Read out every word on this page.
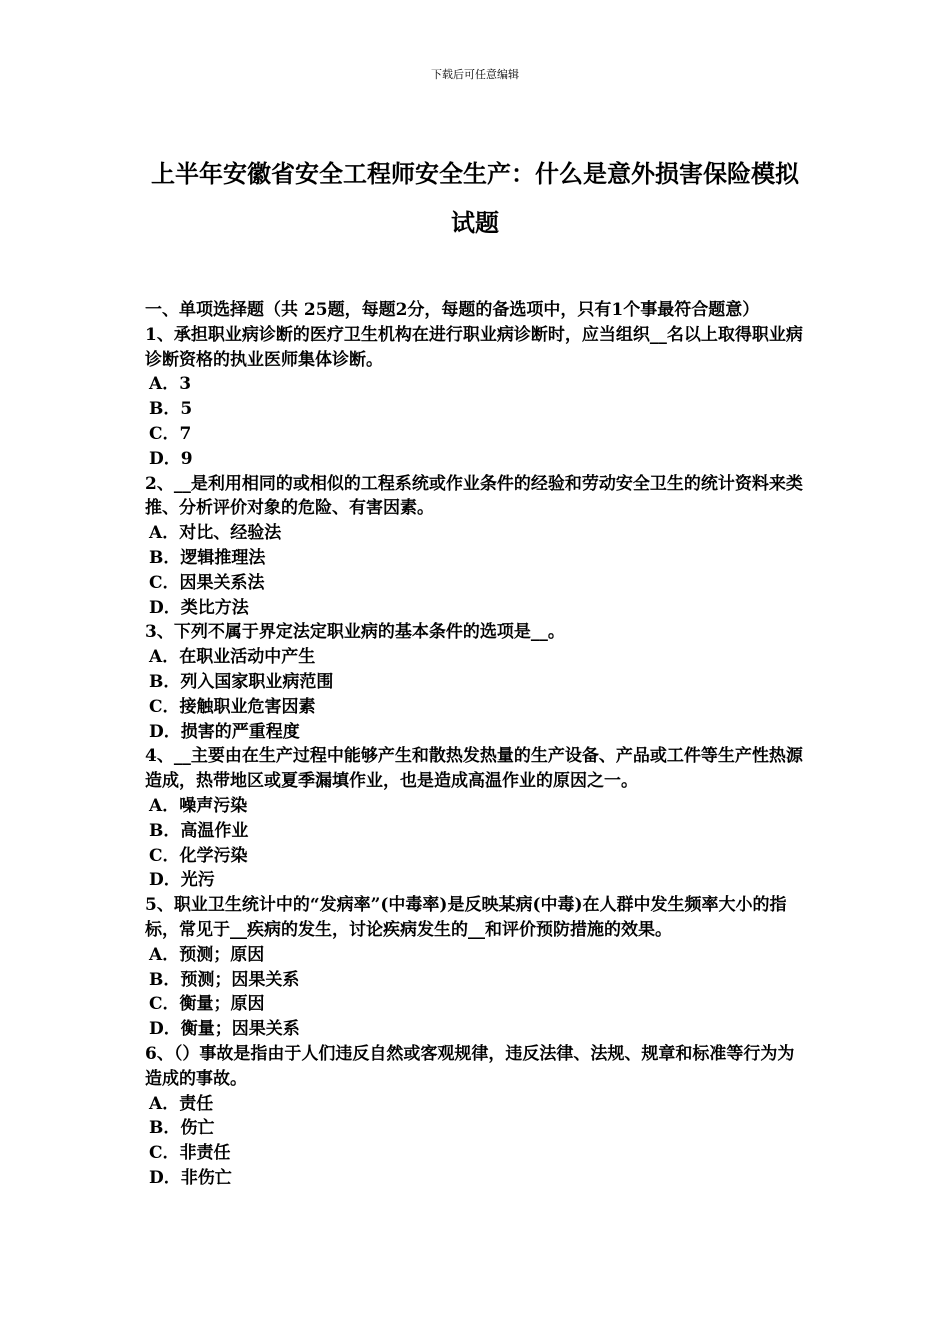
下载后可任意编辑
上半年安徽省安全工程师安全生产：什么是意外损害保险模拟试题

一、单项选择题（共 25题，每题2分，每题的备选项中，只有1个事最符合题意）

1、承担职业病诊断的医疗卫生机构在进行职业病诊断时，应当组织__名以上取得职业病诊断资格的执业医师集体诊断。

A．3

B．5

C．7

D．9

2、__是利用相同的或相似的工程系统或作业条件的经验和劳动安全卫生的统计资料来类推、分析评价对象的危险、有害因素。

A．对比、经验法

B．逻辑推理法

C．因果关系法

D．类比方法

3、下列不属于界定法定职业病的基本条件的选项是__。

A．在职业活动中产生

B．列入国家职业病范围

C．接触职业危害因素

D．损害的严重程度

4、__主要由在生产过程中能够产生和散热发热量的生产设备、产品或工件等生产性热源造成，热带地区或夏季漏填作业，也是造成高温作业的原因之一。

A．噪声污染

B．高温作业

C．化学污染

D．光污

5、职业卫生统计中的“发病率”(中毒率)是反映某病(中毒)在人群中发生频率大小的指标，常见于__疾病的发生，讨论疾病发生的__和评价预防措施的效果。

A．预测；原因

B．预测；因果关系

C．衡量；原因

D．衡量；因果关系

6、（）事故是指由于人们违反自然或客观规律，违反法律、法规、规章和标准等行为为造成的事故。

A．责任

B．伤亡

C．非责任

D．非伤亡
